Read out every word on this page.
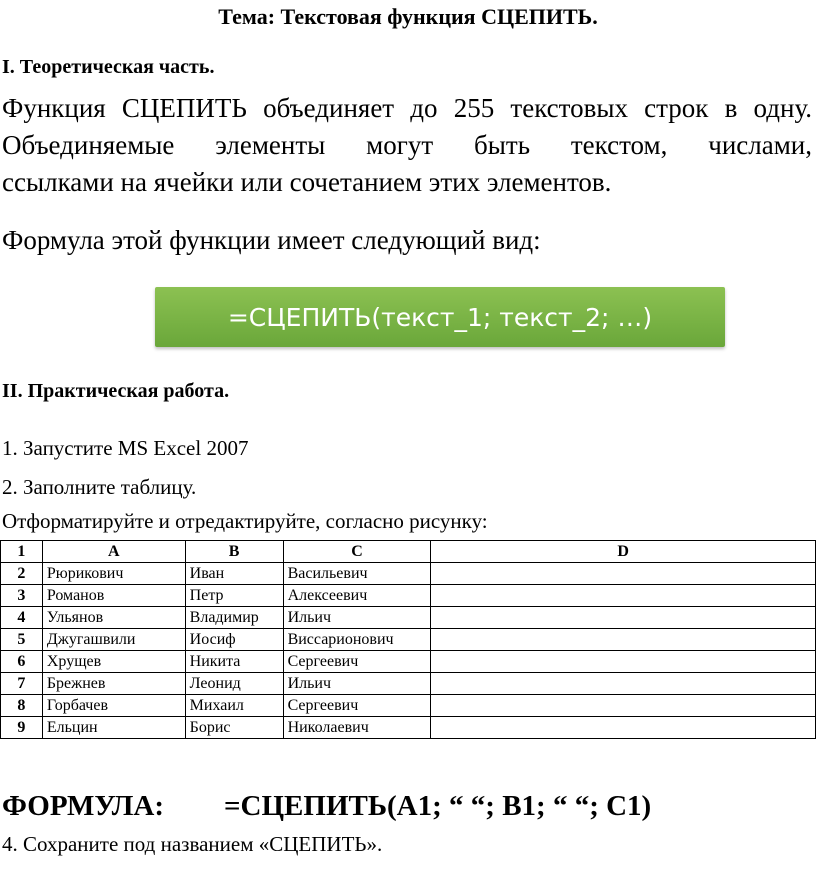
Тема: Текстовая функция СЦЕПИТЬ.
I. Теоретическая часть.
Функция СЦЕПИТЬ объединяет до 255 текстовых строк в одну.
Объединяемые элементы могут быть текстом, числами,
ссылками на ячейки или сочетанием этих элементов.
Формула этой функции имеет следующий вид:
=СЦЕПИТЬ(текст_1; текст_2; …)
II. Практическая работа.
1. Запустите MS Excel 2007
2. Заполните таблицу.
Отформатируйте и отредактируйте, согласно рисунку:
1	A	B	C	D
2	Рюрикович	Иван	Васильевич	
3	Романов	Петр	Алексеевич	
4	Ульянов	Владимир	Ильич	
5	Джугашвили	Иосиф	Виссарионович	
6	Хрущев	Никита	Сергеевич	
7	Брежнев	Леонид	Ильич	
8	Горбачев	Михаил	Сергеевич	
9	Ельцин	Борис	Николаевич	
ФОРМУЛА: =СЦЕПИТЬ(A1; “ “; B1; “ “; C1)
4. Сохраните под названием «СЦЕПИТЬ».
